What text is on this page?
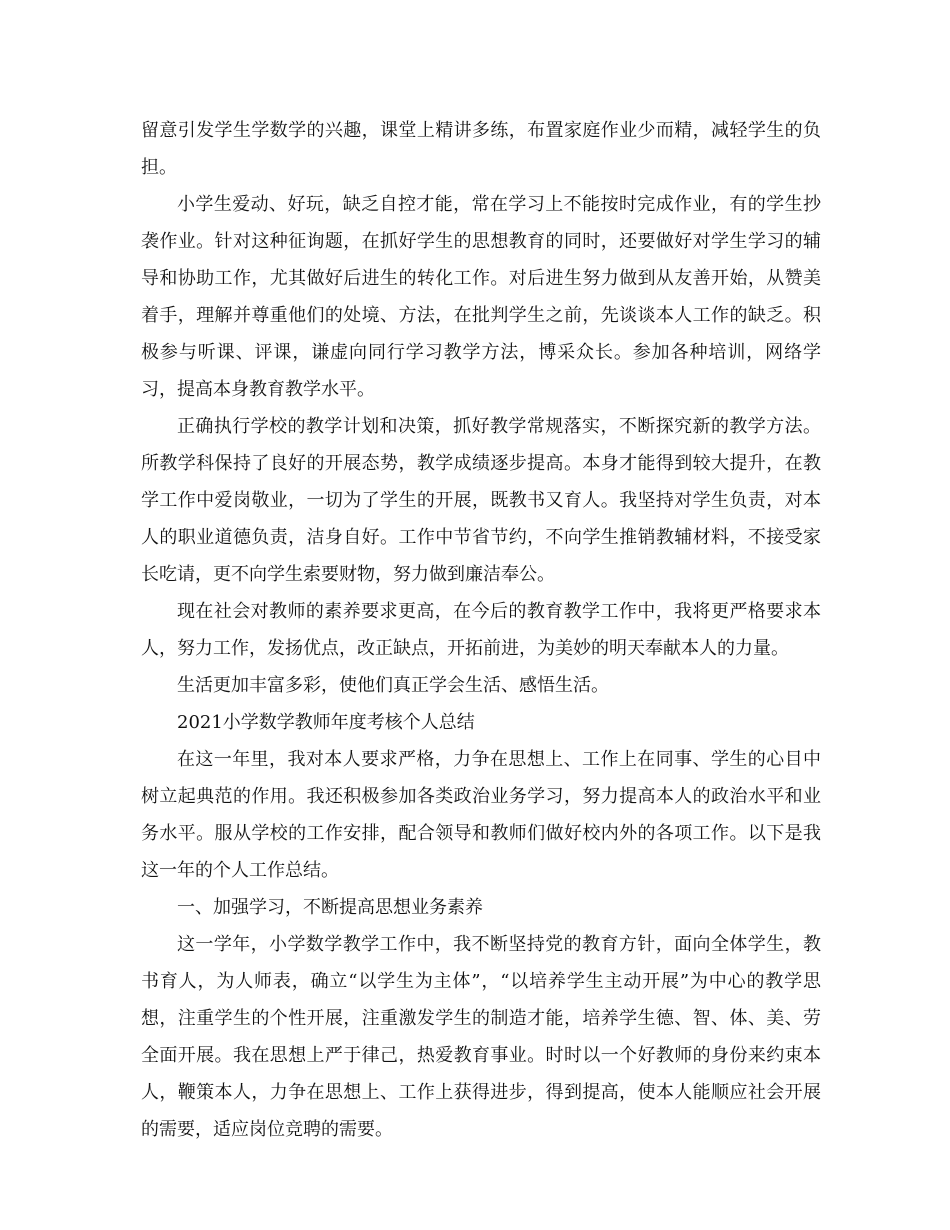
留意引发学生学数学的兴趣，课堂上精讲多练，布置家庭作业少而精，减轻学生的负担。

小学生爱动、好玩，缺乏自控才能，常在学习上不能按时完成作业，有的学生抄袭作业。针对这种征询题，在抓好学生的思想教育的同时，还要做好对学生学习的辅导和协助工作，尤其做好后进生的转化工作。对后进生努力做到从友善开始，从赞美着手，理解并尊重他们的处境、方法，在批判学生之前，先谈谈本人工作的缺乏。积极参与听课、评课，谦虚向同行学习教学方法，博采众长。参加各种培训，网络学习，提高本身教育教学水平。

正确执行学校的教学计划和决策，抓好教学常规落实，不断探究新的教学方法。所教学科保持了良好的开展态势，教学成绩逐步提高。本身才能得到较大提升，在教学工作中爱岗敬业，一切为了学生的开展，既教书又育人。我坚持对学生负责，对本人的职业道德负责，洁身自好。工作中节省节约，不向学生推销教辅材料，不接受家长吃请，更不向学生索要财物，努力做到廉洁奉公。

现在社会对教师的素养要求更高，在今后的教育教学工作中，我将更严格要求本人，努力工作，发扬优点，改正缺点，开拓前进，为美妙的明天奉献本人的力量。

生活更加丰富多彩，使他们真正学会生活、感悟生活。

2021小学数学教师年度考核个人总结

在这一年里，我对本人要求严格，力争在思想上、工作上在同事、学生的心目中树立起典范的作用。我还积极参加各类政治业务学习，努力提高本人的政治水平和业务水平。服从学校的工作安排，配合领导和教师们做好校内外的各项工作。以下是我这一年的个人工作总结。

一、加强学习，不断提高思想业务素养

这一学年，小学数学教学工作中，我不断坚持党的教育方针，面向全体学生，教书育人，为人师表，确立“以学生为主体”，“以培养学生主动开展”为中心的教学思想，注重学生的个性开展，注重激发学生的制造才能，培养学生德、智、体、美、劳全面开展。我在思想上严于律己，热爱教育事业。时时以一个好教师的身份来约束本人，鞭策本人，力争在思想上、工作上获得进步，得到提高，使本人能顺应社会开展的需要，适应岗位竞聘的需要。
